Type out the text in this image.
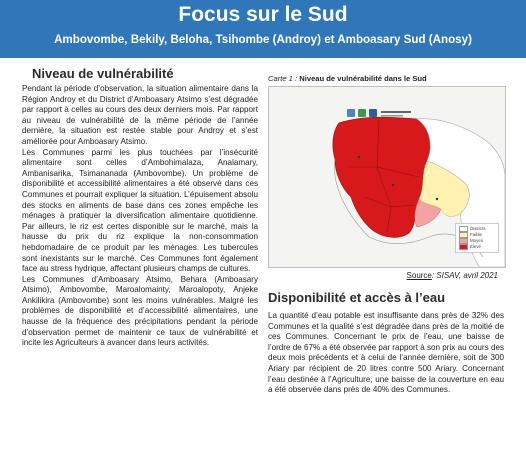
Focus sur le Sud
Ambovombe, Bekily, Beloha, Tsihombe (Androy) et Amboasary Sud (Anosy)
Niveau de vulnérabilité

Pendant la période d’observation, la situation alimentaire dans la Région Androy et du District d’Amboasary Atsimo s’est dégradée par rapport à celles au cours des deux derniers mois. Par rapport au niveau de vulnérabilité de la même période de l’année dernière, la situation est restée stable pour Androy et s’est améliorée pour Amboasary Atsimo.

Les Communes parmi les plus touchées par l’insécurité alimentaire sont celles d’Ambohimalaza, Analamary, Ambanisarika, Tsimananada (Ambovombe). Un problème de disponibilité et accessibilité alimentaires a été observé dans ces Communes et pourrait expliquer la situation. L’épuisement absolu des stocks en aliments de base dans ces zones empêche les ménages à pratiquer la diversification alimentaire quotidienne. Par ailleurs, le riz est certes disponible sur le marché, mais la hausse du prix du riz explique la non-consommation hebdomadaire de ce produit par les ménages. Les tubercules sont inexistants sur le marché. Ces Communes font également face au stress hydrique, affectant plusieurs champs de cultures.

Les Communes d’Amboasary Atsimo, Behara (Amboasary Atsimo), Ambovombe, Maroalomainty, Maroalopoty, Anjeke Ankilikira (Ambovombe) sont les moins vulnérables. Malgré les problèmes de disponibilité et d’accessibilité alimentaires, une hausse de la fréquence des précipitations pendant la période d’observation permet de maintenir ce taux de vulnérabilité et incite les Agriculteurs à avancer dans leurs activités.

Carte 1 : Niveau de vulnérabilité dans le Sud
Districts
Faible
Moyen
Élevé
Source: SISAV, avril 2021
Disponibilité et accès à l’eau

La quantité d’eau potable est insuffisante dans près de 32% des Communes et la qualité s’est dégradée dans près de la moitié de ces Communes. Concernant le prix de l’eau, une baisse de l’ordre de 67% a été observée par rapport à son prix au cours des deux mois précédents et à celui de l’année dernière, soit de 300 Ariary par récipient de 20 litres contre 500 Ariary. Concernant l’eau destinée à l’Agriculture, une baisse de la couverture en eau a été observée dans près de 40% des Communes.
